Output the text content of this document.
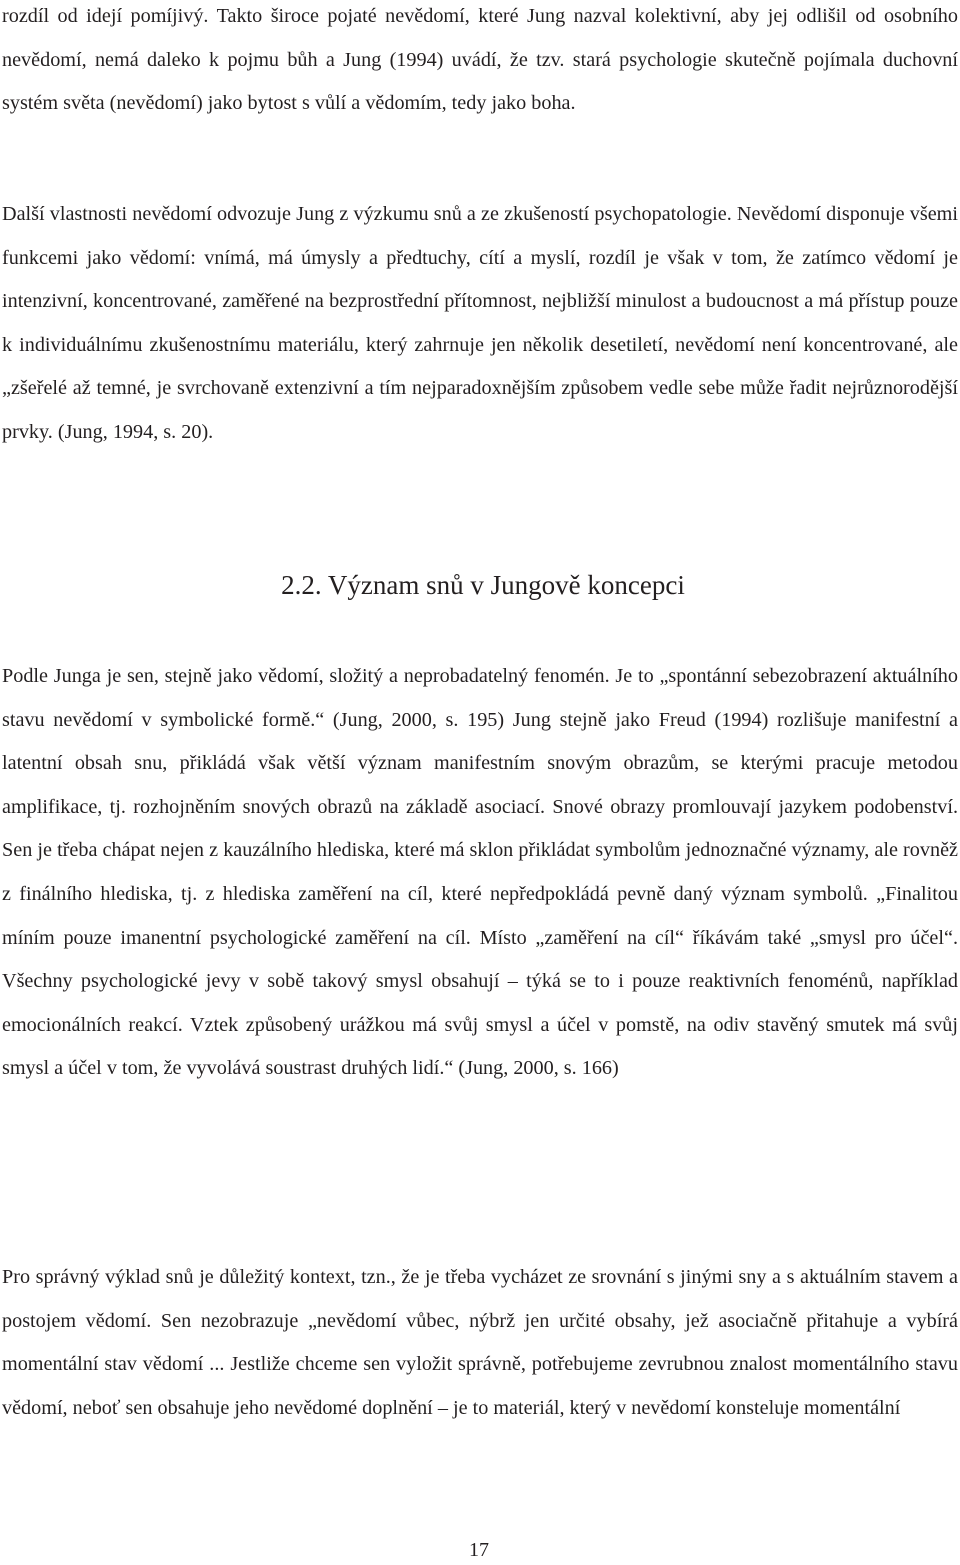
rozdíl od idejí pomíjivý. Takto široce pojaté nevědomí, které Jung nazval kolektivní, aby jej odlišil od osobního nevědomí, nemá daleko k pojmu bůh a Jung (1994) uvádí, že tzv. stará psychologie skutečně pojímala duchovní systém světa (nevědomí) jako bytost s vůlí a vědomím, tedy jako boha.

Další vlastnosti nevědomí odvozuje Jung z výzkumu snů a ze zkušeností psychopatologie. Nevědomí disponuje všemi funkcemi jako vědomí: vnímá, má úmysly a předtuchy, cítí a myslí, rozdíl je však v tom, že zatímco vědomí je intenzivní, koncentrované, zaměřené na bezprostřední přítomnost, nejbližší minulost a budoucnost a má přístup pouze k individuálnímu zkušenostnímu materiálu, který zahrnuje jen několik desetiletí, nevědomí není koncentrované, ale „zšeřelé až temné, je svrchovaně extenzivní a tím nejparadoxnějším způsobem vedle sebe může řadit nejrůznorodější prvky. (Jung, 1994, s. 20).

2.2. Význam snů v Jungově koncepci

Podle Junga je sen, stejně jako vědomí, složitý a neprobadatelný fenomén. Je to „spontánní sebezobrazení aktuálního stavu nevědomí v symbolické formě.“ (Jung, 2000, s. 195) Jung stejně jako Freud (1994) rozlišuje manifestní a latentní obsah snu, přikládá však větší význam manifestním snovým obrazům, se kterými pracuje metodou amplifikace, tj. rozhojněním snových obrazů na základě asociací. Snové obrazy promlouvají jazykem podobenství. Sen je třeba chápat nejen z kauzálního hlediska, které má sklon přikládat symbolům jednoznačné významy, ale rovněž z finálního hlediska, tj. z hlediska zaměření na cíl, které nepředpokládá pevně daný význam symbolů. „Finalitou míním pouze imanentní psychologické zaměření na cíl. Místo „zaměření na cíl“ říkávám také „smysl pro účel“. Všechny psychologické jevy v sobě takový smysl obsahují – týká se to i pouze reaktivních fenoménů, například emocionálních reakcí. Vztek způsobený urážkou má svůj smysl a účel v pomstě, na odiv stavěný smutek má svůj smysl a účel v tom, že vyvolává soustrast druhých lidí.“ (Jung, 2000, s. 166)

Pro správný výklad snů je důležitý kontext, tzn., že je třeba vycházet ze srovnání s jinými sny a s aktuálním stavem a postojem vědomí. Sen nezobrazuje „nevědomí vůbec, nýbrž jen určité obsahy, jež asociačně přitahuje a vybírá momentální stav vědomí ... Jestliže chceme sen vyložit správně, potřebujeme zevrubnou znalost momentálního stavu vědomí, neboť sen obsahuje jeho nevědomé doplnění – je to materiál, který v nevědomí konsteluje momentální

17
